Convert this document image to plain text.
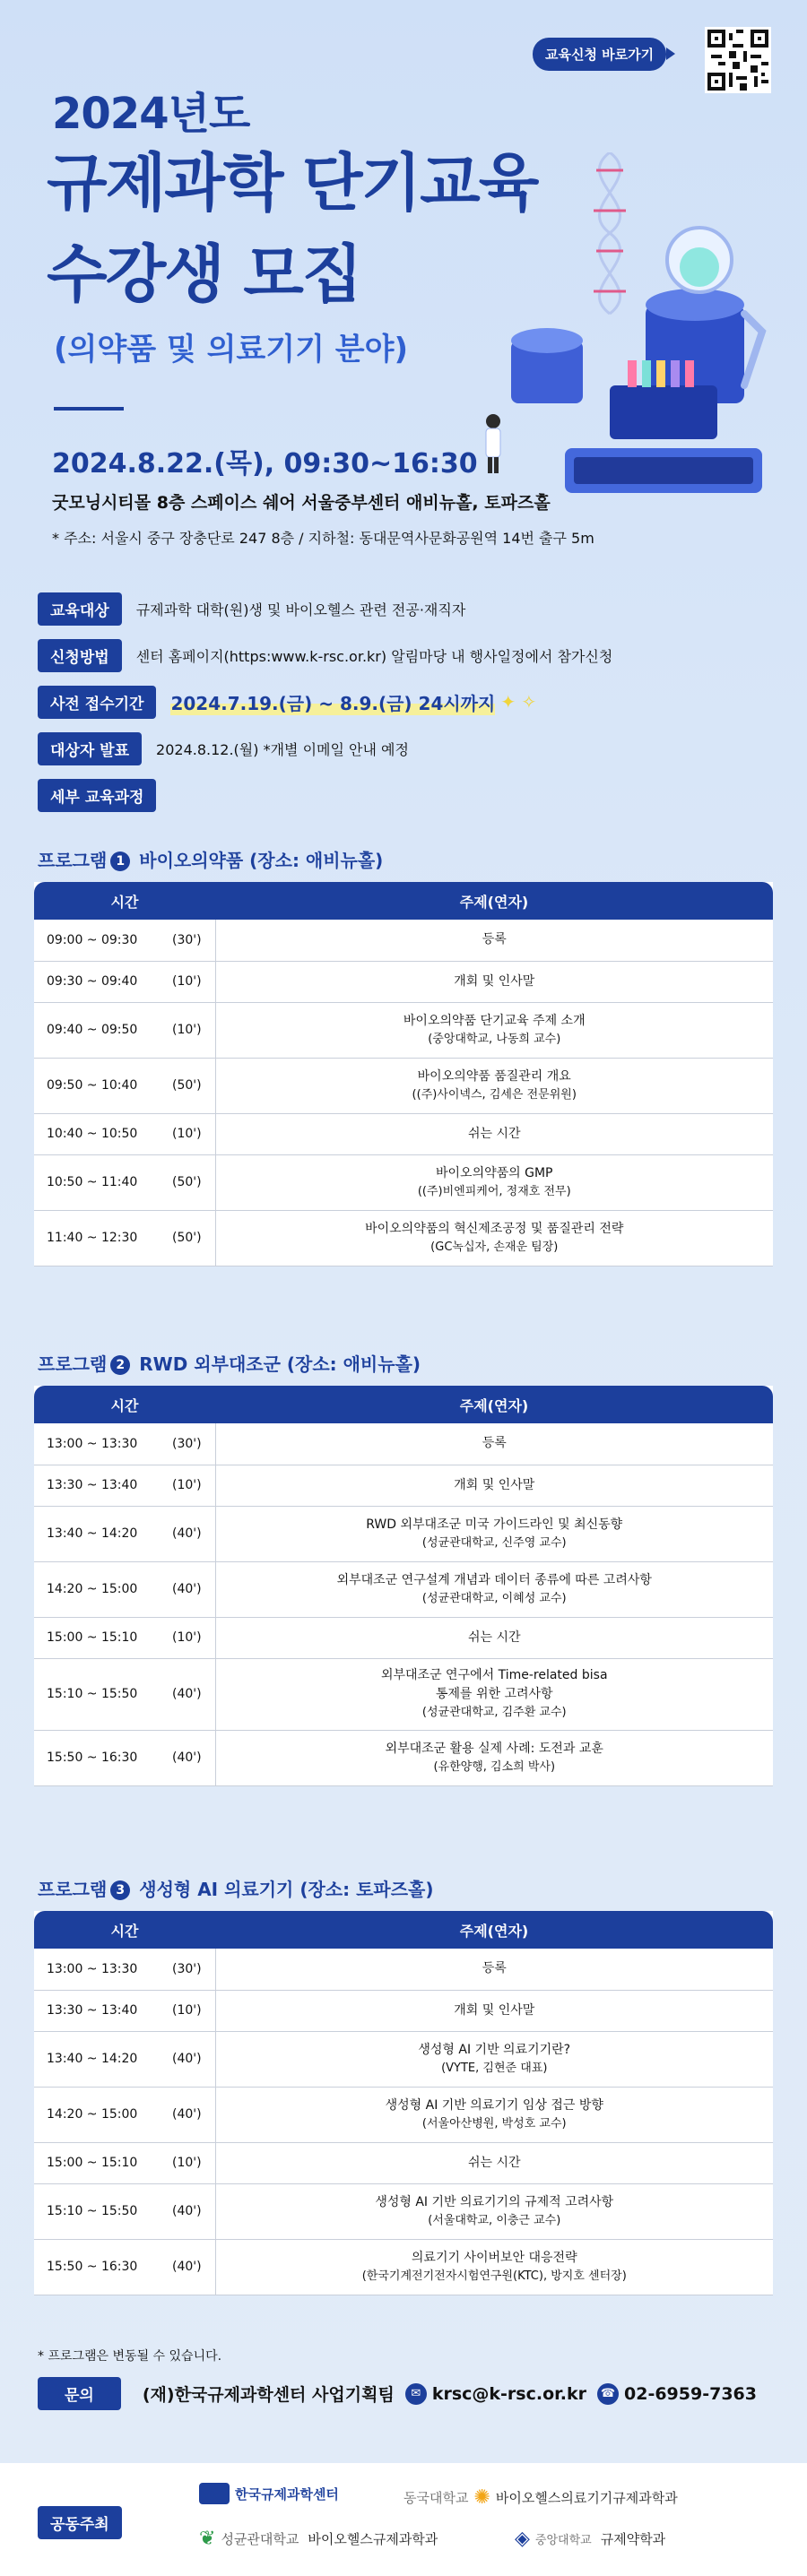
교육신청 바로가기
2024년도
규제과학 단기교육
수강생 모집
(의약품 및 의료기기 분야)
2024.8.22.(목), 09:30~16:30
굿모닝시티몰 8층 스페이스 쉐어 서울중부센터 애비뉴홀, 토파즈홀
* 주소: 서울시 중구 장충단로 247 8층 / 지하철: 동대문역사문화공원역 14번 출구 5m
교육대상	규제과학 대학(원)생 및 바이오헬스 관련 전공·재직자
신청방법	센터 홈페이지(https:www.k-rsc.or.kr) 알림마당 내 행사일정에서 참가신청
사전 접수기간	2024.7.19.(금) ~ 8.9.(금) 24시까지 ✦ ✧
대상자 발표	2024.8.12.(월) *개별 이메일 안내 예정
세부 교육과정
프로그램 1 바이오의약품 (장소: 애비뉴홀)
시간		주제(연자)
09:00 ~ 09:30	(30')	등록
09:30 ~ 09:40	(10')	개회 및 인사말
09:40 ~ 09:50	(10')	바이오의약품 단기교육 주제 소개
(중앙대학교, 나동희 교수)

09:50 ~ 10:40	(50')	바이오의약품 품질관리 개요
((주)사이넥스, 김세은 전문위원)

10:40 ~ 10:50	(10')	쉬는 시간
10:50 ~ 11:40	(50')	바이오의약품의 GMP
((주)비엔피케어, 정재호 전무)

11:40 ~ 12:30	(50')	바이오의약품의 혁신제조공정 및 품질관리 전략
(GC녹십자, 손재운 팀장)
프로그램 2 RWD 외부대조군 (장소: 애비뉴홀)
시간		주제(연자)
13:00 ~ 13:30	(30')	등록
13:30 ~ 13:40	(10')	개회 및 인사말
13:40 ~ 14:20	(40')	RWD 외부대조군 미국 가이드라인 및 최신동향
(성균관대학교, 신주영 교수)

14:20 ~ 15:00	(40')	외부대조군 연구설계 개념과 데이터 종류에 따른 고려사항
(성균관대학교, 이혜성 교수)

15:00 ~ 15:10	(10')	쉬는 시간
15:10 ~ 15:50	(40')	외부대조군 연구에서 Time-related bisa
통제를 위한 고려사항
(성균관대학교, 김주환 교수)

15:50 ~ 16:30	(40')	외부대조군 활용 실제 사례: 도전과 교훈
(유한양행, 김소희 박사)
프로그램 3 생성형 AI 의료기기 (장소: 토파즈홀)
시간		주제(연자)
13:00 ~ 13:30	(30')	등록
13:30 ~ 13:40	(10')	개회 및 인사말
13:40 ~ 14:20	(40')	생성형 AI 기반 의료기기란?
(VYTE, 김현준 대표)

14:20 ~ 15:00	(40')	생성형 AI 기반 의료기기 임상 접근 방향
(서울아산병원, 박성호 교수)

15:00 ~ 15:10	(10')	쉬는 시간
15:10 ~ 15:50	(40')	생성형 AI 기반 의료기기의 규제적 고려사항
(서울대학교, 이충근 교수)

15:50 ~ 16:30	(40')	의료기기 사이버보안 대응전략
(한국기계전기전자시험연구원(KTC), 방지호 센터장)
* 프로그램은 변동될 수 있습니다.
문의	(재)한국규제과학센터 사업기획팀	✉ krsc@k-rsc.or.kr ☎ 02-6959-7363
공동주최
한국규제과학센터	동국대학교 ✺ 바이오헬스의료기기규제과학과
❦ 성균관대학교 바이오헬스규제과학과	◈ 중앙대학교 규제약학과
